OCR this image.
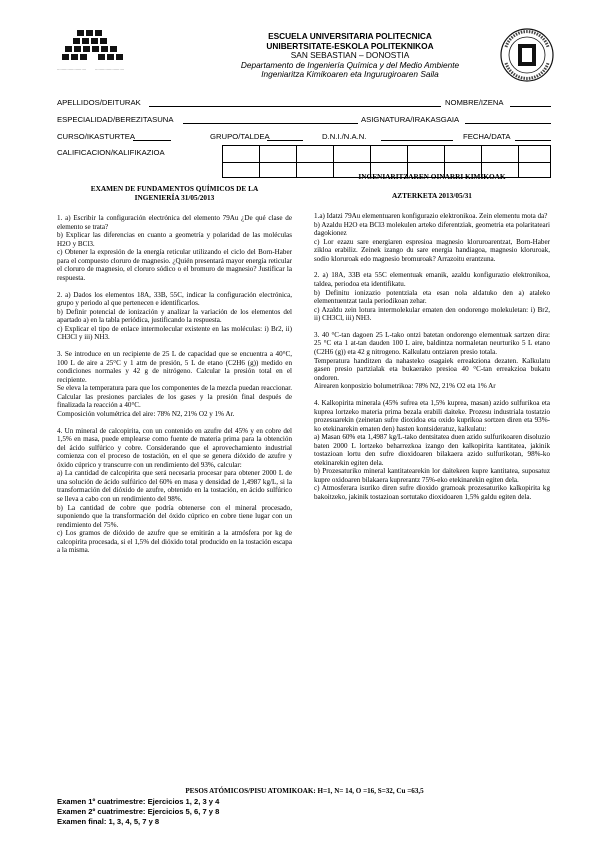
·························	·························
ESCUELA UNIVERSITARIA POLITECNICA
UNIBERTSITATE-ESKOLA POLITEKNIKOA
SAN SEBASTIAN – DONOSTIA
Departamento de Ingeniería Química y del Medio Ambiente
Ingeniaritza Kimikoaren eta Ingurugiroaren Saila
APELLIDOS/DEITURAK	NOMBRE/IZENA
ESPECIALIDAD/BEREZITASUNA	ASIGNATURA/IRAKASGAIA
CURSO/IKASTURTEA	GRUPO/TALDEA	D.N.I./N.A.N.	FECHA/DATA
CALIFICACION/KALIFIKAZIOA
EXAMEN DE FUNDAMENTOS QUÍMICOS DE LA
INGENIERÍA 31/05/2013
1. a) Escribir la configuración electrónica del elemento 79Au ¿De qué clase de elemento se trata?
b) Explicar las diferencias en cuanto a geometría y polaridad de las moléculas H2O y BCl3.
c) Obtener la expresión de la energía reticular utilizando el ciclo del Born-Haber para el compuesto cloruro de magnesio. ¿Quién presentará mayor energía reticular el cloruro de magnesio, el cloruro sódico o el bromuro de magnesio? Justificar la respuesta.
2. a) Dados los elementos 18A, 33B, 55C, indicar la configuración electrónica, grupo y periodo al que pertenecen e identificarlos.
b) Definir potencial de ionización y analizar la variación de los elementos del apartado a) en la tabla periódica, justificando la respuesta.
c) Explicar el tipo de enlace intermolecular existente en las moléculas: i) Br2, ii) CH3Cl y iii) NH3.
3. Se introduce en un recipiente de 25 L de capacidad que se encuentra a 40°C, 100 L de aire a 25°C y 1 atm de presión, 5 L de etano (C2H6 (g)) medido en condiciones normales y 42 g de nitrógeno. Calcular la presión total en el recipiente.
Se eleva la temperatura para que los componentes de la mezcla puedan reaccionar. Calcular las presiones parciales de los gases y la presión final después de finalizada la reacción a 40°C.
Composición volumétrica del aire: 78% N2, 21% O2 y 1% Ar.
4. Un mineral de calcopirita, con un contenido en azufre del 45% y en cobre del 1,5% en masa, puede emplearse como fuente de materia prima para la obtención del ácido sulfúrico y cobre. Considerando que el aprovechamiento industrial comienza con el proceso de tostación, en el que se genera dióxido de azufre y óxido cúprico y transcurre con un rendimiento del 93%, calcular:
a) La cantidad de calcopirita que será necesaria procesar para obtener 2000 L de una solución de ácido sulfúrico del 60% en masa y densidad de 1,4987 kg/L, si la transformación del dióxido de azufre, obtenido en la tostación, en ácido sulfúrico se lleva a cabo con un rendimiento del 98%.
b) La cantidad de cobre que podría obtenerse con el mineral procesado, suponiendo que la transformación del óxido cúprico en cobre tiene lugar con un rendimiento del 75%.
c) Los gramos de dióxido de azufre que se emitirán a la atmósfera por kg de calcopirita procesada, si el 1,5% del dióxido total producido en la tostación escapa a la misma.
INGENIARITZAREN OINARRI KIMIKOAK
AZTERKETA 2013/05/31
1.a) Idatzi 79Au elementuaren konfigurazio elektronikoa. Zein elementu mota da?
b) Azaldu H2O eta BCl3 molekulen arteko diferentziak, geometria eta polaritateari dagokionez
c) Lor ezazu sare energiaren espresioa magnesio kloruroarentzat, Born-Haber zikloa erabiliz. Zeinek izango du sare energia handiagoa, magnesio kloruroak, sodio kloruroak edo magnesio bromuroak? Arrazoitu erantzuna.
2. a) 18A, 33B eta 55C elementuak emanik, azaldu konfigurazio elektronikoa, taldea, periodoa eta identifikatu.
b) Definitu ionizazio potentziala eta esan nola aldatuko den a) ataleko elementuentzat taula periodikoan zehar.
c) Azaldu zein lotura intermolekular ematen den ondorengo molekuletan: i) Br2, ii) CH3Cl, iii) NH3.
3. 40 °C-tan dagoen 25 L-tako ontzi batetan ondorengo elementuak sartzen dira: 25 °C eta 1 at-tan dauden 100 L aire, baldintza normaletan neurturiko 5 L etano (C2H6 (g)) eta 42 g nitrogeno. Kalkulatu ontziaren presio totala.
Temperatura handitzen da nahasteko osagaiek erreakziona dezaten. Kalkulatu gasen presio partzialak eta bukaerako presioa 40 °C-tan erreakzioa bukatu ondoren.
Airearen konposizio bolumetrikoa: 78% N2, 21% O2 eta 1% Ar
4. Kalkopirita minerala (45% sufrea eta 1,5% kuprea, masan) azido sulfurikoa eta kuprea lortzeko materia prima bezala erabili daiteke. Prozesu industriala tostatzio prozesuarekin (zeinetan sufre dioxidoa eta oxido kuprikoa sortzen diren eta 93%-ko etekinarekin ematen den) hasten kontsideratuz, kalkulatu:
a) Masan 60% eta 1,4987 kg/L-tako dentsitatea duen azido sulfurikoaren disoluzio baten 2000 L lortzeko beharrezkoa izango den kalkopirita kantitatea, jakinik tostazioan lortu den sufre dioxidoaren bilakaera azido sulfurikotan, 98%-ko etekinarekin egiten dela.
b) Prozesaturiko mineral kantitatearekin lor daitekeen kupre kantitatea, suposatuz kupre oxidoaren bilakaera kuprerantz 75%-eko etekinarekin egiten dela.
c) Atmosferara isuriko diren sufre dioxido gramoak prozesaturiko kalkopirita kg bakoitzeko, jakinik tostazioan sortutako dioxidoaren 1,5% galdu egiten dela.
PESOS ATÓMICOS/PISU ATOMIKOAK: H=1, N= 14, O =16, S=32, Cu =63,5
Examen 1º cuatrimestre: Ejercicios 1, 2, 3 y 4
Examen 2º cuatrimestre: Ejercicios 5, 6, 7 y 8
Examen final: 1, 3, 4, 5, 7 y 8
